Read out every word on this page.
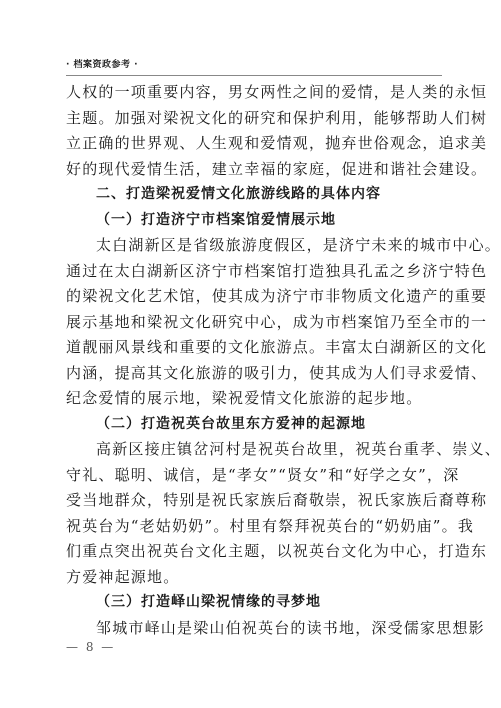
· 档案资政参考 ·
人权的一项重要内容，男女两性之间的爱情，是人类的永恒
主题。加强对梁祝文化的研究和保护利用，能够帮助人们树
立正确的世界观、人生观和爱情观，抛弃世俗观念，追求美
好的现代爱情生活，建立幸福的家庭，促进和谐社会建设。
二、打造梁祝爱情文化旅游线路的具体内容
（一）打造济宁市档案馆爱情展示地
太白湖新区是省级旅游度假区，是济宁未来的城市中心。
通过在太白湖新区济宁市档案馆打造独具孔孟之乡济宁特色
的梁祝文化艺术馆，使其成为济宁市非物质文化遗产的重要
展示基地和梁祝文化研究中心，成为市档案馆乃至全市的一
道靓丽风景线和重要的文化旅游点。丰富太白湖新区的文化
内涵，提高其文化旅游的吸引力，使其成为人们寻求爱情、
纪念爱情的展示地，梁祝爱情文化旅游的起步地。
（二）打造祝英台故里东方爱神的起源地
高新区接庄镇岔河村是祝英台故里，祝英台重孝、崇义、
守礼、聪明、诚信，是“孝女”“贤女”和“好学之女”，深
受当地群众，特别是祝氏家族后裔敬崇，祝氏家族后裔尊称
祝英台为“老姑奶奶”。村里有祭拜祝英台的“奶奶庙”。我
们重点突出祝英台文化主题，以祝英台文化为中心，打造东
方爱神起源地。
（三）打造峄山梁祝情缘的寻梦地
邹城市峄山是梁山伯祝英台的读书地，深受儒家思想影
— 8 —
